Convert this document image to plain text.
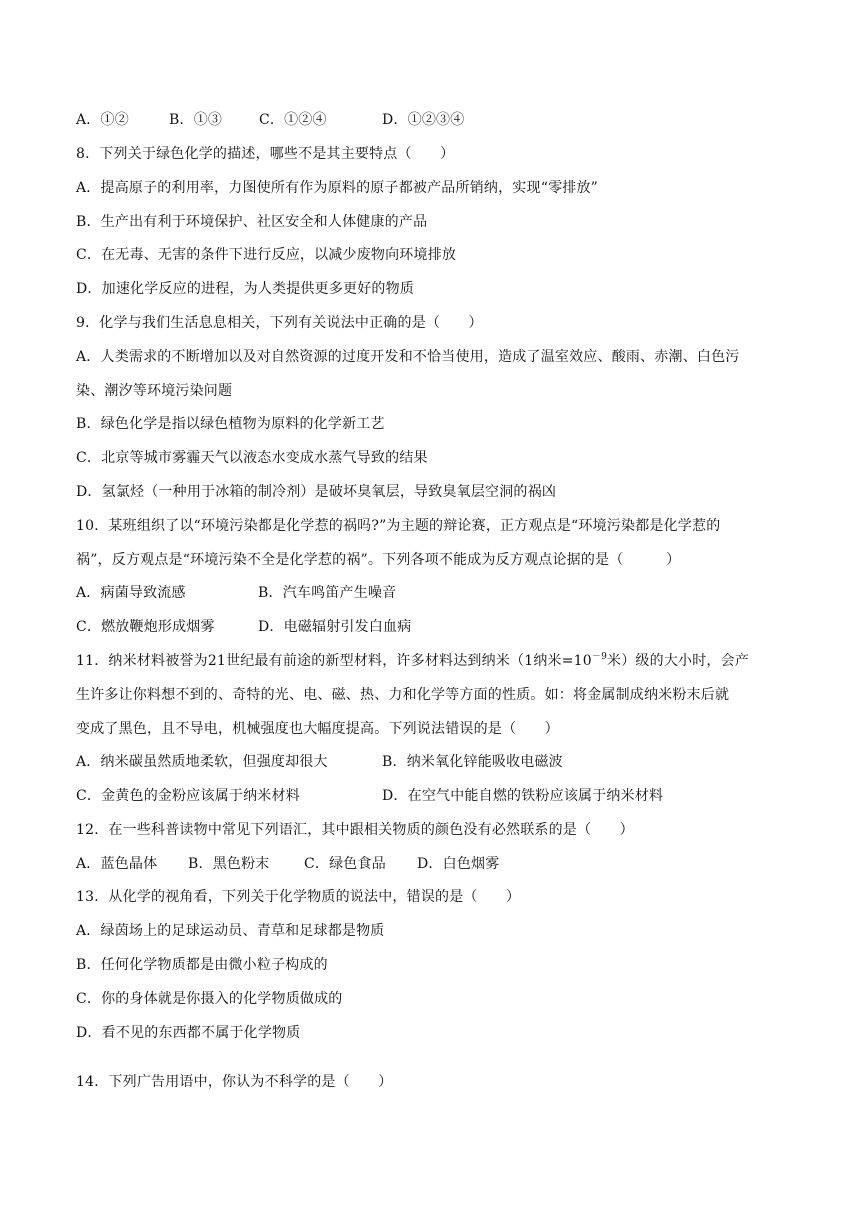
A．①②	B．①③	C．①②④	D．①②③④
8．下列关于绿色化学的描述，哪些不是其主要特点（　　）
A．提高原子的利用率，力图使所有作为原料的原子都被产品所销纳，实现“零排放”
B．生产出有利于环境保护、社区安全和人体健康的产品
C．在无毒、无害的条件下进行反应，以减少废物向环境排放
D．加速化学反应的进程，为人类提供更多更好的物质
9．化学与我们生活息息相关，下列有关说法中正确的是（　　）
A．人类需求的不断增加以及对自然资源的过度开发和不恰当使用，造成了温室效应、酸雨、赤潮、白色污
染、潮汐等环境污染问题
B．绿色化学是指以绿色植物为原料的化学新工艺
C．北京等城市雾霾天气以液态水变成水蒸气导致的结果
D．氢氯烃（一种用于冰箱的制冷剂）是破坏臭氧层，导致臭氧层空洞的祸凶
10．某班组织了以“环境污染都是化学惹的祸吗?”为主题的辩论赛，正方观点是“环境污染都是化学惹的
祸”，反方观点是“环境污染不全是化学惹的祸”。下列各项不能成为反方观点论据的是（　　　）
A．病菌导致流感	B．汽车鸣笛产生噪音
C．燃放鞭炮形成烟雾	D．电磁辐射引发白血病
11．纳米材料被誉为21世纪最有前途的新型材料，许多材料达到纳米（1纳米$=10^{-9}$米）级的大小时，会产
生许多让你料想不到的、奇特的光、电、磁、热、力和化学等方面的性质。如：将金属制成纳米粉末后就
变成了黑色，且不导电，机械强度也大幅度提高。下列说法错误的是（　　）
A．纳米碳虽然质地柔软，但强度却很大	B．纳米氧化锌能吸收电磁波
C．金黄色的金粉应该属于纳米材料	D．在空气中能自燃的铁粉应该属于纳米材料
12．在一些科普读物中常见下列语汇，其中跟相关物质的颜色没有必然联系的是（　　）
A．蓝色晶体 B．黑色粉末 C．绿色食品 D．白色烟雾
13．从化学的视角看，下列关于化学物质的说法中，错误的是（　　）
A．绿茵场上的足球运动员、青草和足球都是物质
B．任何化学物质都是由微小粒子构成的
C．你的身体就是你摄入的化学物质做成的
D．看不见的东西都不属于化学物质
14．下列广告用语中，你认为不科学的是（　　）
